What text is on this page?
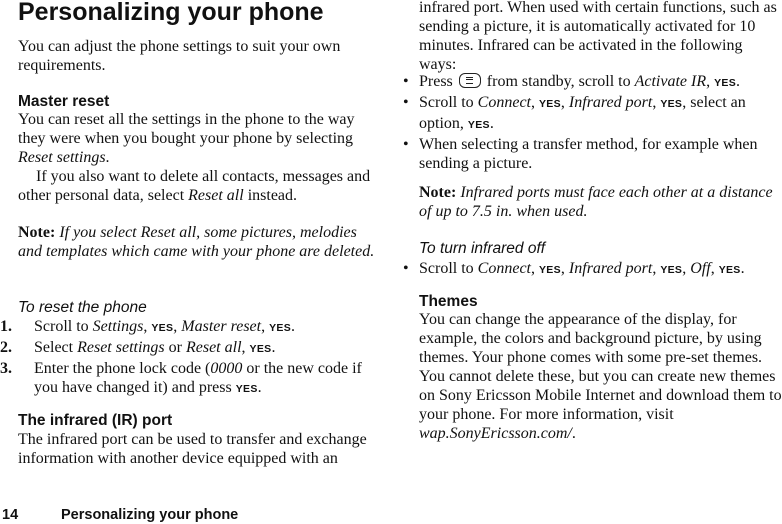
Personalizing your phone

You can adjust the phone settings to suit your own requirements.

Master reset

You can reset all the settings in the phone to the way they were when you bought your phone by selecting Reset settings.

If you also want to delete all contacts, messages and other personal data, select Reset all instead.

Note: If you select Reset all, some pictures, melodies and templates which came with your phone are deleted.

To reset the phone

1. Scroll to Settings, YES, Master reset, YES.
2. Select Reset settings or Reset all, YES.
3. Enter the phone lock code (0000 or the new code if you have changed it) and press YES.

The infrared (IR) port

The infrared port can be used to transfer and exchange information with another device equipped with an

infrared port. When used with certain functions, such as sending a picture, it is automatically activated for 10 minutes. Infrared can be activated in the following ways:

• Press  from standby, scroll to Activate IR, YES.
• Scroll to Connect, YES, Infrared port, YES, select an option, YES.
• When selecting a transfer method, for example when sending a picture.

Note: Infrared ports must face each other at a distance of up to 7.5 in. when used.

To turn infrared off

• Scroll to Connect, YES, Infrared port, YES, Off, YES.

Themes

You can change the appearance of the display, for example, the colors and background picture, by using themes. Your phone comes with some pre-set themes. You cannot delete these, but you can create new themes on Sony Ericsson Mobile Internet and download them to your phone. For more information, visit wap.SonyEricsson.com/.

14	Personalizing your phone
